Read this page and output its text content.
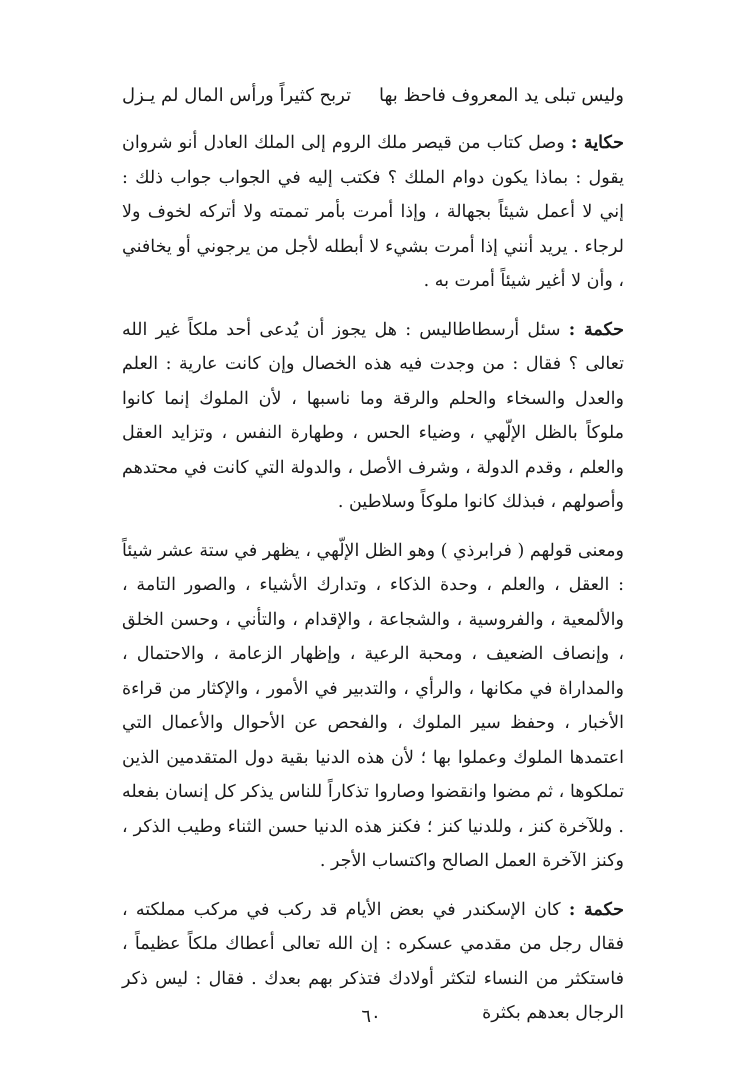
وليس تبلى يد المعروف فاحظ بها
تربح كثيراً ورأس المال لم يـزل

حكاية : وصل كتاب من قيصر ملك الروم إلى الملك العادل أنو شروان يقول : بماذا يكون دوام الملك ؟ فكتب إليه في الجواب جواب ذلك : إني لا أعمل شيئاً بجهالة ، وإذا أمرت بأمر تممته ولا أتركه لخوف ولا لرجاء . يريد أنني إذا أمرت بشيء لا أبطله لأجل من يرجوني أو يخافني ، وأن لا أغير شيئاً أمرت به .

حكمة : سئل أرسطاطاليس : هل يجوز أن يُدعى أحد ملكاً غير الله تعالى ؟ فقال : من وجدت فيه هذه الخصال وإن كانت عارية : العلم والعدل والسخاء والحلم والرقة وما ناسبها ، لأن الملوك إنما كانوا ملوكاً بالظل الإلّهي ، وضياء الحس ، وطهارة النفس ، وتزايد العقل والعلم ، وقدم الدولة ، وشرف الأصل ، والدولة التي كانت في محتدهم وأصولهم ، فبذلك كانوا ملوكاً وسلاطين .

ومعنى قولهم ( فرابرذي ) وهو الظل الإلّهي ، يظهر في ستة عشر شيئاً : العقل ، والعلم ، وحدة الذكاء ، وتدارك الأشياء ، والصور التامة ، والألمعية ، والفروسية ، والشجاعة ، والإقدام ، والتأني ، وحسن الخلق ، وإنصاف الضعيف ، ومحبة الرعية ، وإظهار الزعامة ، والاحتمال ، والمداراة في مكانها ، والرأي ، والتدبير في الأمور ، والإكثار من قراءة الأخبار ، وحفظ سير الملوك ، والفحص عن الأحوال والأعمال التي اعتمدها الملوك وعملوا بها ؛ لأن هذه الدنيا بقية دول المتقدمين الذين تملكوها ، ثم مضوا وانقضوا وصاروا تذكاراً للناس يذكر كل إنسان بفعله . وللآخرة كنز ، وللدنيا كنز ؛ فكنز هذه الدنيا حسن الثناء وطيب الذكر ، وكنز الآخرة العمل الصالح واكتساب الأجر .

حكمة : كان الإسكندر في بعض الأيام قد ركب في مركب مملكته ، فقال رجل من مقدمي عسكره : إن الله تعالى أعطاك ملكاً عظيماً ، فاستكثر من النساء لتكثر أولادك فتذكر بهم بعدك . فقال : ليس ذكر الرجال بعدهم بكثرة

٦٠
